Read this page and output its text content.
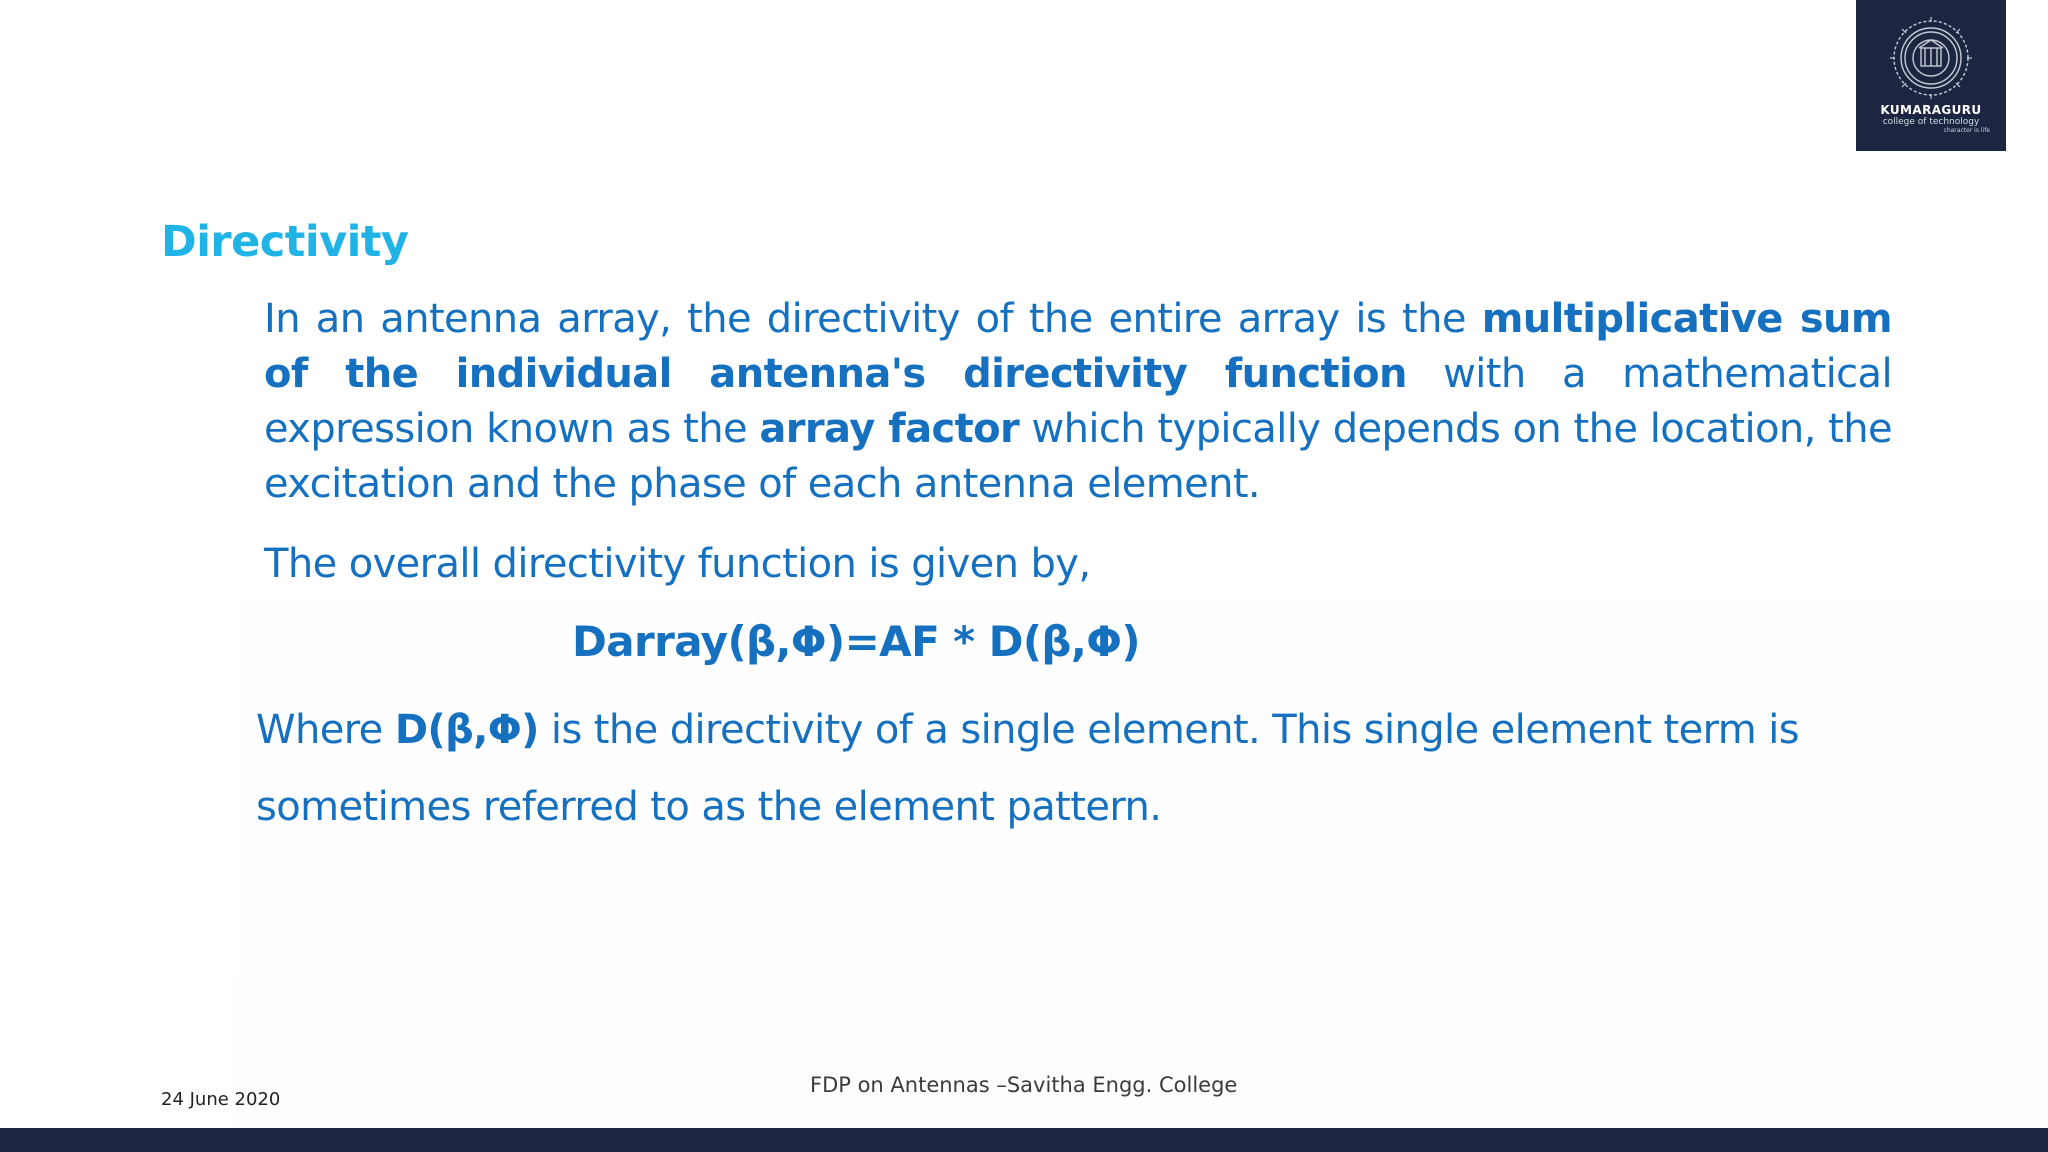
KUMARAGURU
college of technology
character is life
Directivity

In an antenna array, the directivity of the entire array is the multiplicative sum of the individual antenna's directivity function with a mathematical expression known as the array factor which typically depends on the location, the excitation and the phase of each antenna element.

The overall directivity function is given by,

Darray(β,Φ)=AF * D(β,Φ)

Where D(β,Φ) is the directivity of a single element. This single element term is
sometimes referred to as the element pattern.

FDP on Antennas –Savitha Engg. College
24 June 2020
